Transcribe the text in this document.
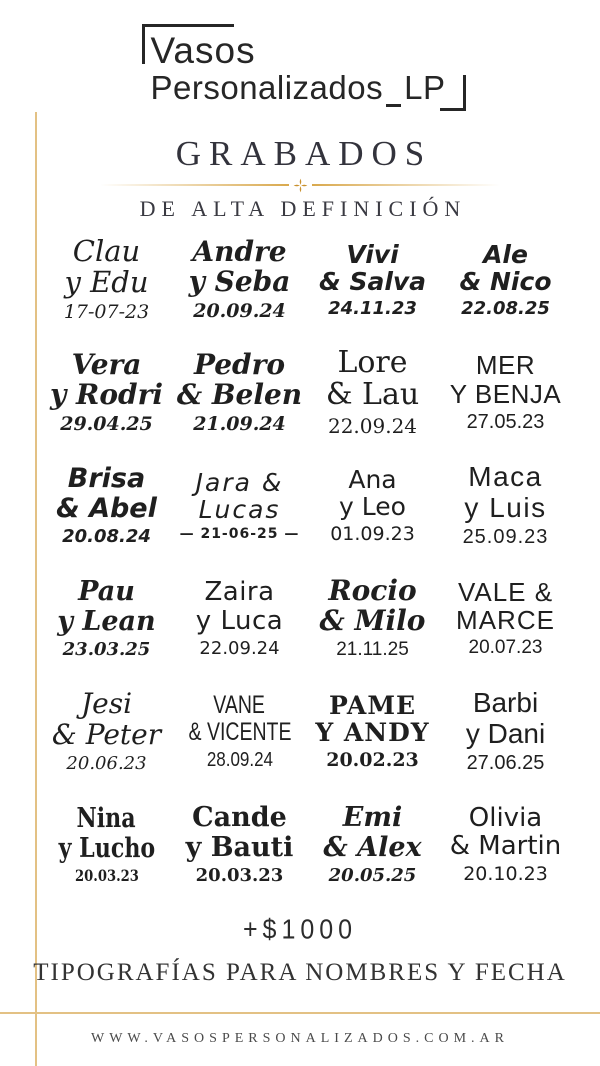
Vasos
Personalizados LP
GRABADOS
DE ALTA DEFINICIÓN
Clau
y Edu
17-07-23
Andre
y Seba
20.09.24
Vivi
& Salva
24.11.23
Ale
& Nico
22.08.25
Vera
y Rodri
29.04.25
Pedro
& Belen
21.09.24
Lore
& Lau
22.09.24
MER
Y BENJA
27.05.23
Brisa
& Abel
20.08.24
Jara &
Lucas
— 21-06-25 —
Ana
y Leo
01.09.23
Maca
y Luis
25.09.23
Pau
y Lean
23.03.25
Zaira
y Luca
22.09.24
Rocio
& Milo
21.11.25
VALE &
MARCE
20.07.23
Jesi
& Peter
20.06.23
VANE
& VICENTE
28.09.24
PAME
Y ANDY
20.02.23
Barbi
y Dani
27.06.25
Nina
y Lucho
20.03.23
Cande
y Bauti
20.03.23
Emi
& Alex
20.05.25
Olivia
& Martin
20.10.23
+$1000
TIPOGRAFÍAS PARA NOMBRES Y FECHA
WWW.VASOSPERSONALIZADOS.COM.AR
